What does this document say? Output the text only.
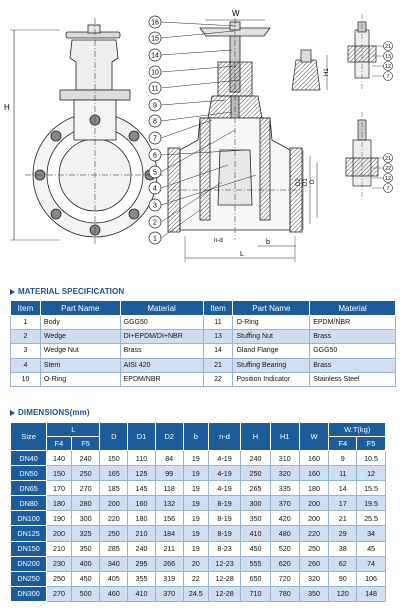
H
W
L
b
n-d
D2 D1 D
16
15
14
10
11
9
8
7
6
5
4
3
2
1
H1
21
13
12
7
21
22
12
7
MATERIAL SPECIFICATION
Item	Part Name	Material	Item	Part Name	Material
1	Body	GGG50	11	O-Ring	EPDM/NBR
2	Wedge	DI+EPDM/DI+NBR	13	Stuffing Nut	Brass
3	Wedge Nut	Brass	14	Gland Flange	GGG50
4	Stem	AISI 420	21	Stuffing Bearing	Brass
10	O-Ring	EPDM/NBR	22	Position Indicator	Stainless Steel
DIMENSIONS(mm)
Size	L		D	D1	D2	b	n-d	H	H1	W	W.T(kg)	
	F4	F5									F4	F5
DN40	140	240	150	110	84	19	4-19	240	310	160	9	10.5
DN50	150	250	165	125	99	19	4-19	250	320	160	11	12
DN65	170	270	185	145	118	19	4-19	265	335	180	14	15.5
DN80	180	280	200	160	132	19	8-19	300	370	200	17	19.5
DN100	190	300	220	180	156	19	8-19	350	420	200	21	25.5
DN125	200	325	250	210	184	19	8-19	410	480	220	29	34
DN150	210	350	285	240	211	19	8-23	450	520	250	38	45
DN200	230	400	340	295	266	20	12-23	555	620	260	62	74
DN250	250	450	405	355	319	22	12-28	650	720	320	90	106
DN300	270	500	460	410	370	24.5	12-28	710	780	350	120	148
